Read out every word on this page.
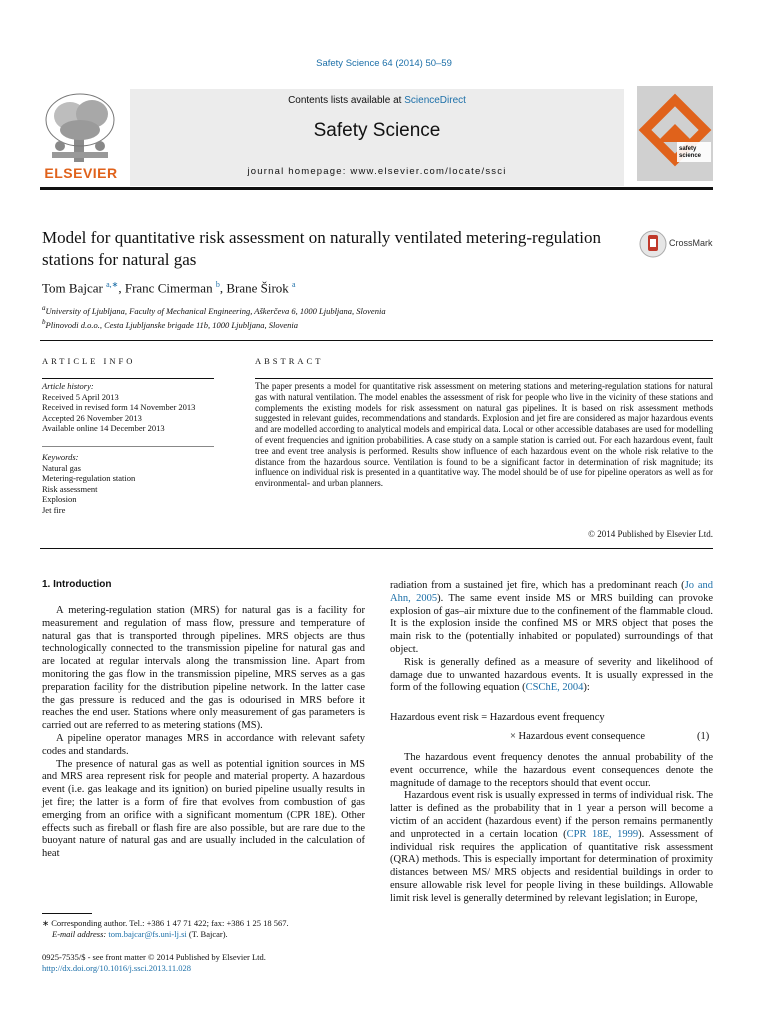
Safety Science 64 (2014) 50–59
ELSEVIER
Contents lists available at ScienceDirect
Safety Science
journal homepage: www.elsevier.com/locate/ssci
safety science
Model for quantitative risk assessment on naturally ventilated metering-regulation stations for natural gas
CrossMark
Tom Bajcar $^{a,∗}$, Franc Cimerman $^b$, Brane Širok $^a$
$^a$University of Ljubljana, Faculty of Mechanical Engineering, Aškerčeva 6, 1000 Ljubljana, Slovenia
$^b$Plinovodi d.o.o., Cesta Ljubljanske brigade 11b, 1000 Ljubljana, Slovenia
ARTICLE INFO
Article history:
Received 5 April 2013
Received in revised form 14 November 2013
Accepted 26 November 2013
Available online 14 December 2013
Keywords:
Natural gas
Metering-regulation station
Risk assessment
Explosion
Jet fire
ABSTRACT
The paper presents a model for quantitative risk assessment on metering stations and metering-regulation stations for natural gas with natural ventilation. The model enables the assessment of risk for people who live in the vicinity of these stations and complements the existing models for risk assessment on natural gas pipelines. It is based on risk assessment methods suggested in relevant guides, recommendations and standards. Explosion and jet fire are considered as major hazardous events and are modelled according to analytical models and empirical data. Local or other accessible databases are used for modelling of event frequencies and ignition probabilities. A case study on a sample station is carried out. For each hazardous event, fault tree and event tree analysis is performed. Results show influence of each hazardous event on the whole risk relative to the distance from the hazardous source. Ventilation is found to be a significant factor in determination of risk magnitude; its influence on individual risk is presented in a quantitative way. The model should be of use for pipeline operators as well as for environmental- and urban planners.
© 2014 Published by Elsevier Ltd.
1. Introduction

A metering-regulation station (MRS) for natural gas is a facility for measurement and regulation of mass flow, pressure and temperature of natural gas that is transported through pipelines. MRS objects are thus technologically connected to the transmission pipeline for natural gas and are located at regular intervals along the transmission line. Apart from monitoring the gas flow in the transmission pipeline, MRS serves as a gas preparation facility for the distribution pipeline network. In the latter case the gas pressure is reduced and the gas is odourised in MRS before it reaches the end user. Stations where only measurement of gas parameters is carried out are referred to as metering stations (MS).

A pipeline operator manages MRS in accordance with relevant safety codes and standards.

The presence of natural gas as well as potential ignition sources in MS and MRS area represent risk for people and material property. A hazardous event (i.e. gas leakage and its ignition) on buried pipeline usually results in jet fire; the latter is a form of fire that evolves from combustion of gas emerging from an orifice with a significant momentum (CPR 18E). Other effects such as fireball or flash fire are also possible, but are rare due to the buoyant nature of natural gas and are usually included in the calculation of heat

radiation from a sustained jet fire, which has a predominant reach (Jo and Ahn, 2005). The same event inside MS or MRS building can provoke explosion of gas–air mixture due to the confinement of the flammable cloud. It is the explosion inside the confined MS or MRS object that poses the main risk to the (potentially inhabited or populated) surroundings of that object.

Risk is generally defined as a measure of severity and likelihood of damage due to unwanted hazardous events. It is usually expressed in the form of the following equation (CSChE, 2004):

Hazardous event risk = Hazardous event frequency
× Hazardous event consequence	(1)

The hazardous event frequency denotes the annual probability of the event occurrence, while the hazardous event consequences denote the magnitude of damage to the receptors should that event occur.

Hazardous event risk is usually expressed in terms of individual risk. The latter is defined as the probability that in 1 year a person will become a victim of an accident (hazardous event) if the person remains permanently and unprotected in a certain location (CPR 18E, 1999). Assessment of individual risk requires the application of quantitative risk assessment (QRA) methods. This is especially important for determination of proximity distances between MS/ MRS objects and residential buildings in order to ensure allowable risk level for people living in these buildings. Allowable limit risk level is generally determined by relevant legislation; in Europe,

∗ Corresponding author. Tel.: +386 1 47 71 422; fax: +386 1 25 18 567.
E-mail address: tom.bajcar@fs.uni-lj.si (T. Bajcar).
0925-7535/$ - see front matter © 2014 Published by Elsevier Ltd.
http://dx.doi.org/10.1016/j.ssci.2013.11.028
